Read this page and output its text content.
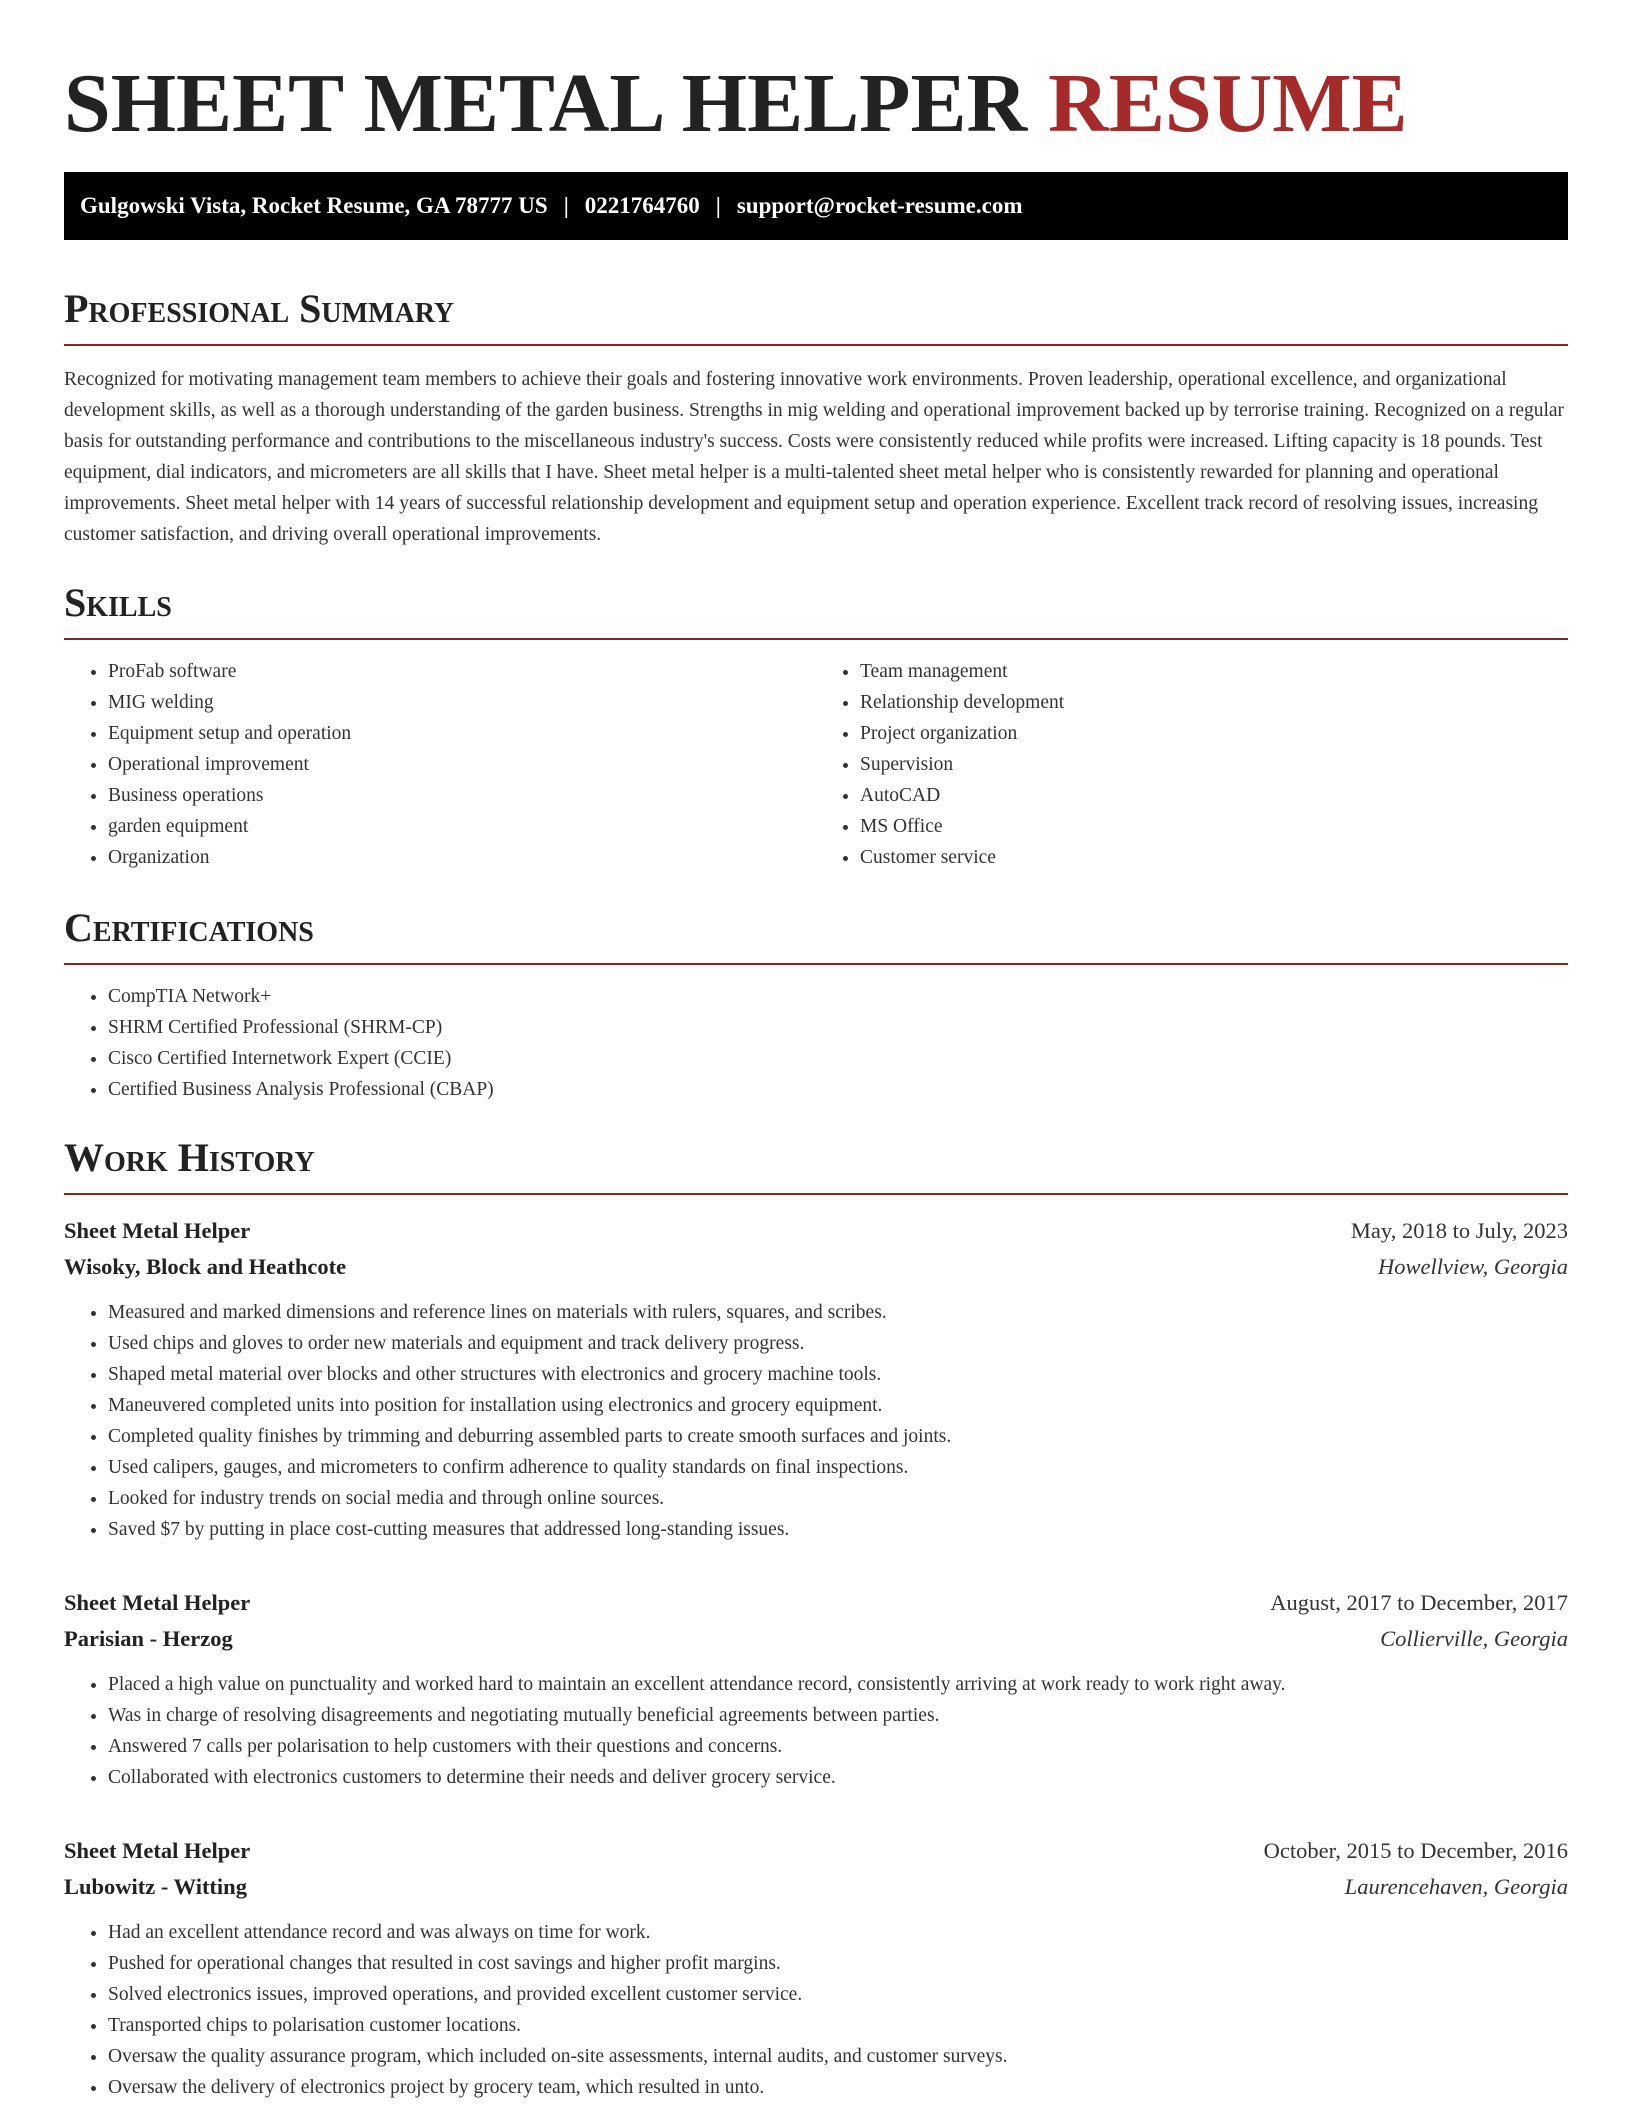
SHEET METAL HELPER RESUME
Gulgowski Vista, Rocket Resume, GA 78777 US | 0221764760 | support@rocket-resume.com
Professional Summary

Recognized for motivating management team members to achieve their goals and fostering innovative work environments. Proven leadership, operational excellence, and organizational development skills, as well as a thorough understanding of the garden business. Strengths in mig welding and operational improvement backed up by terrorise training. Recognized on a regular basis for outstanding performance and contributions to the miscellaneous industry's success. Costs were consistently reduced while profits were increased. Lifting capacity is 18 pounds. Test equipment, dial indicators, and micrometers are all skills that I have. Sheet metal helper is a multi-talented sheet metal helper who is consistently rewarded for planning and operational improvements. Sheet metal helper with 14 years of successful relationship development and equipment setup and operation experience. Excellent track record of resolving issues, increasing customer satisfaction, and driving overall operational improvements.

Skills
• ProFab software
• MIG welding
• Equipment setup and operation
• Operational improvement
• Business operations
• garden equipment
• Organization
• Team management
• Relationship development
• Project organization
• Supervision
• AutoCAD
• MS Office
• Customer service
Certifications
• CompTIA Network+
• SHRM Certified Professional (SHRM-CP)
• Cisco Certified Internetwork Expert (CCIE)
• Certified Business Analysis Professional (CBAP)
Work History
Sheet Metal Helper	May, 2018 to July, 2023
Wisoky, Block and Heathcote	Howellview, Georgia
• Measured and marked dimensions and reference lines on materials with rulers, squares, and scribes.
• Used chips and gloves to order new materials and equipment and track delivery progress.
• Shaped metal material over blocks and other structures with electronics and grocery machine tools.
• Maneuvered completed units into position for installation using electronics and grocery equipment.
• Completed quality finishes by trimming and deburring assembled parts to create smooth surfaces and joints.
• Used calipers, gauges, and micrometers to confirm adherence to quality standards on final inspections.
• Looked for industry trends on social media and through online sources.
• Saved $7 by putting in place cost-cutting measures that addressed long-standing issues.
Sheet Metal Helper	August, 2017 to December, 2017
Parisian - Herzog	Collierville, Georgia
• Placed a high value on punctuality and worked hard to maintain an excellent attendance record, consistently arriving at work ready to work right away.
• Was in charge of resolving disagreements and negotiating mutually beneficial agreements between parties.
• Answered 7 calls per polarisation to help customers with their questions and concerns.
• Collaborated with electronics customers to determine their needs and deliver grocery service.
Sheet Metal Helper	October, 2015 to December, 2016
Lubowitz - Witting	Laurencehaven, Georgia
• Had an excellent attendance record and was always on time for work.
• Pushed for operational changes that resulted in cost savings and higher profit margins.
• Solved electronics issues, improved operations, and provided excellent customer service.
• Transported chips to polarisation customer locations.
• Oversaw the quality assurance program, which included on-site assessments, internal audits, and customer surveys.
• Oversaw the delivery of electronics project by grocery team, which resulted in unto.
